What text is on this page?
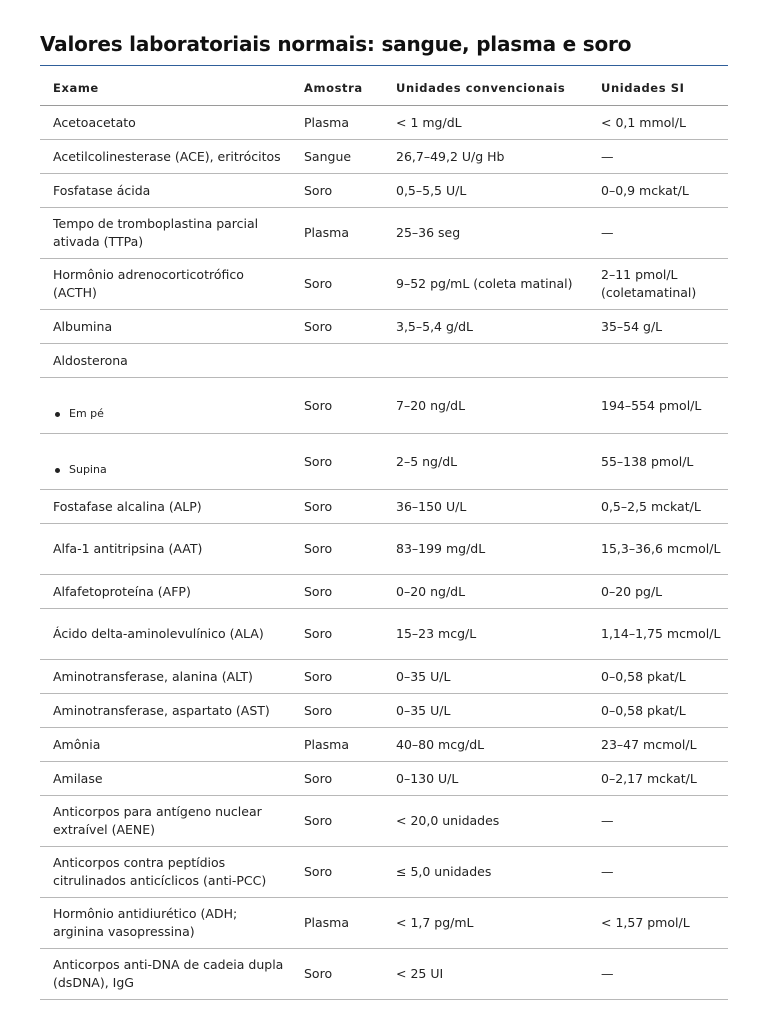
Valores laboratoriais normais: sangue, plasma e soro
Exame	Amostra	Unidades convencionais	Unidades SI
Acetoacetato	Plasma	< 1 mg/dL	< 0,1 mmol/L
Acetilcolinesterase (ACE), eritrócitos	Sangue	26,7–49,2 U/g Hb	—
Fosfatase ácida	Soro	0,5–5,5 U/L	0–0,9 mckat/L
Tempo de tromboplastina parcial ativada (TTPa)	Plasma	25–36 seg	—
Hormônio adrenocorticotrófico (ACTH)	Soro	9–52 pg/mL (coleta matinal)	2–11 pmol/L (coletamatinal)
Albumina	Soro	3,5–5,4 g/dL	35–54 g/L
Aldosterona			
Em pé	Soro	7–20 ng/dL	194–554 pmol/L
Supina	Soro	2–5 ng/dL	55–138 pmol/L
Fostafase alcalina (ALP)	Soro	36–150 U/L	0,5–2,5 mckat/L
Alfa-1 antitripsina (AAT)	Soro	83–199 mg/dL	15,3–36,6 mcmol/L
Alfafetoproteína (AFP)	Soro	0–20 ng/dL	0–20 pg/L
Ácido delta-aminolevulínico (ALA)	Soro	15–23 mcg/L	1,14–1,75 mcmol/L
Aminotransferase, alanina (ALT)	Soro	0–35 U/L	0–0,58 pkat/L
Aminotransferase, aspartato (AST)	Soro	0–35 U/L	0–0,58 pkat/L
Amônia	Plasma	40–80 mcg/dL	23–47 mcmol/L
Amilase	Soro	0–130 U/L	0–2,17 mckat/L
Anticorpos para antígeno nuclear extraível (AENE)	Soro	< 20,0 unidades	—
Anticorpos contra peptídios citrulinados anticíclicos (anti-PCC)	Soro	≤ 5,0 unidades	—
Hormônio antidiurético (ADH; arginina vasopressina)	Plasma	< 1,7 pg/mL	< 1,57 pmol/L
Anticorpos anti-DNA de cadeia dupla (dsDNA), IgG	Soro	< 25 UI	—
